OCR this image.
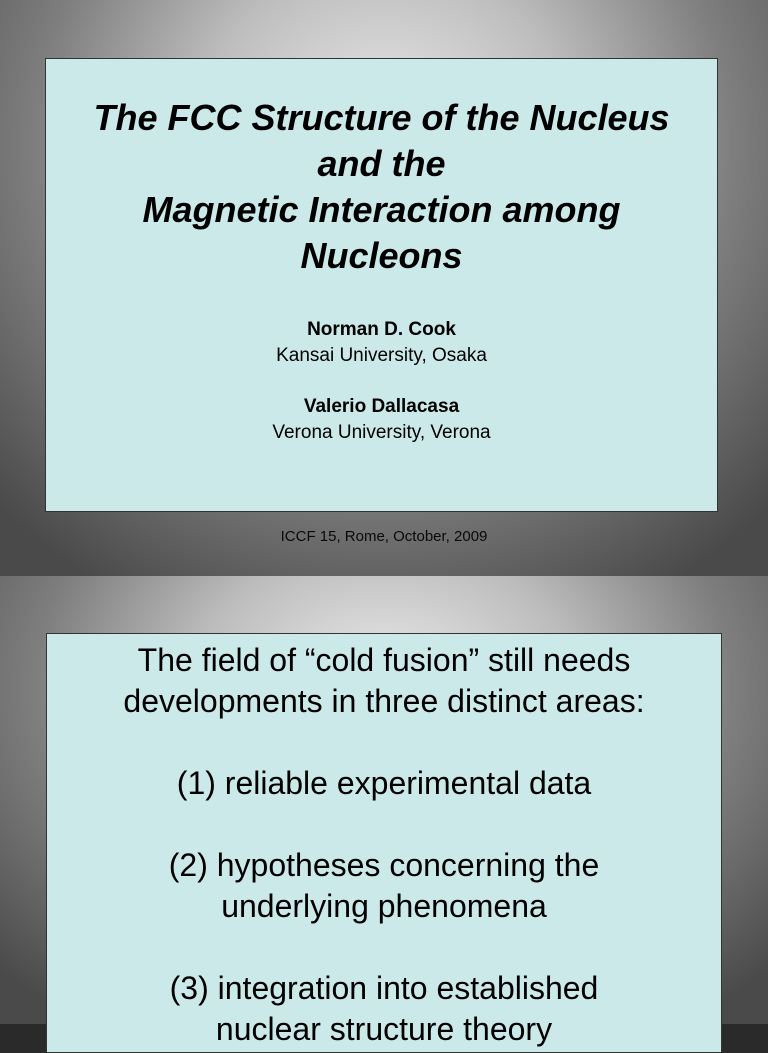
The FCC Structure of the Nucleus
and the
Magnetic Interaction among
Nucleons
Norman D. Cook
Kansai University, Osaka
Valerio Dallacasa
Verona University, Verona
ICCF 15, Rome, October, 2009
The field of “cold fusion” still needs
developments in three distinct areas:
(1) reliable experimental data
(2) hypotheses concerning the
underlying phenomena
(3) integration into established
nuclear structure theory
